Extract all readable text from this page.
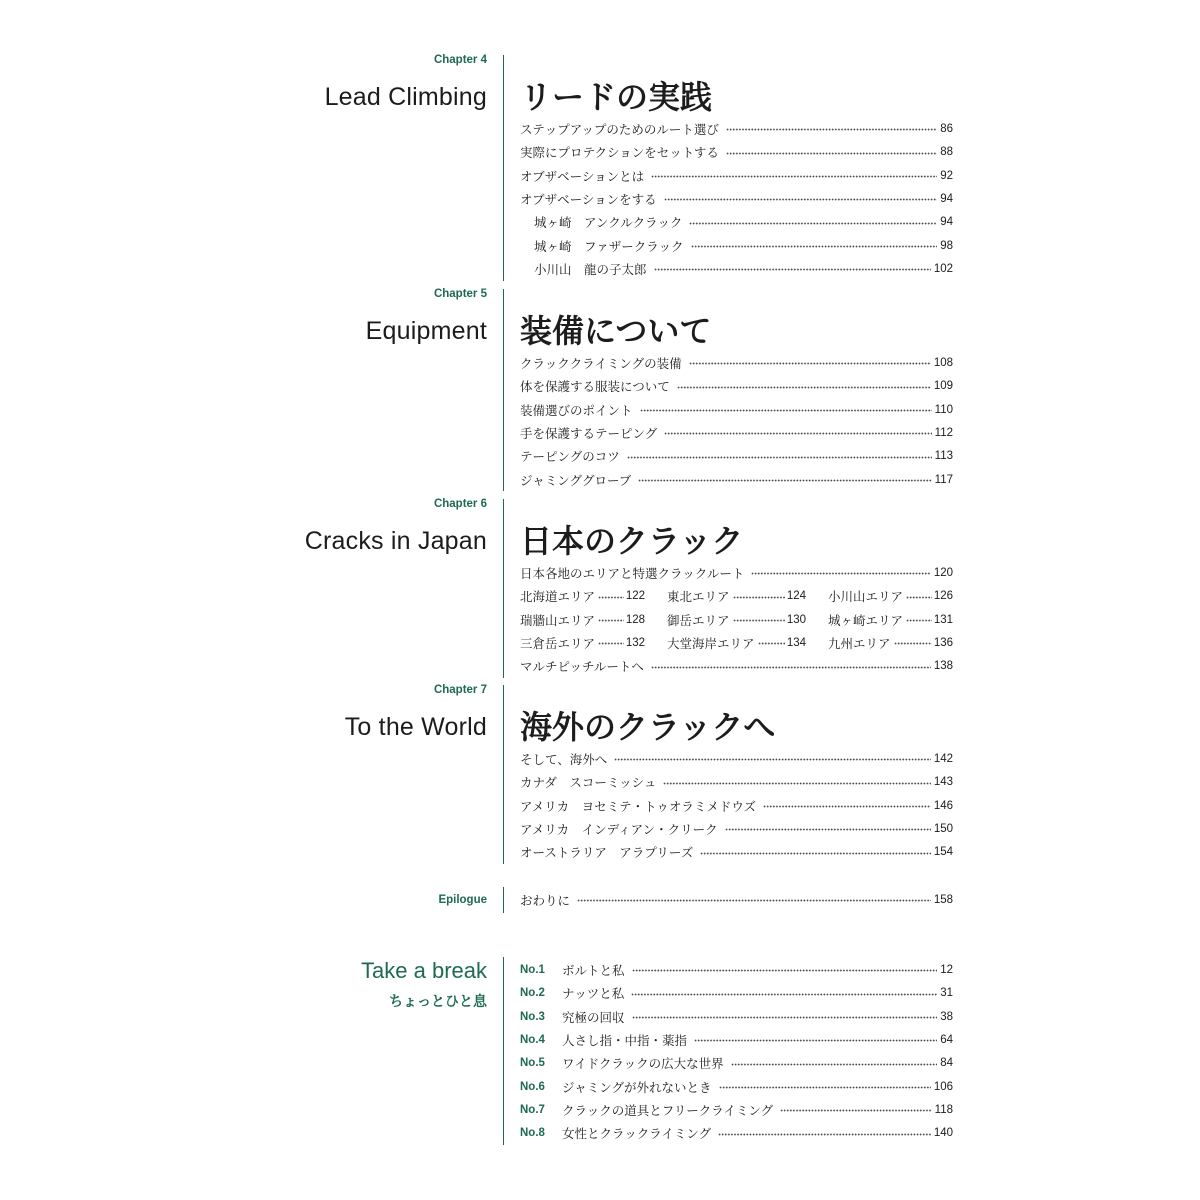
Chapter 4
Lead Climbing リードの実践
ステップアップのためのルート選び	86
実際にプロテクションをセットする	88
オブザベーションとは	92
オブザベーションをする	94
城ヶ崎　アンクルクラック	94
城ヶ崎　ファザークラック	98
小川山　龍の子太郎	102
Chapter 5
Equipment 装備について
クラッククライミングの装備	108
体を保護する服装について	109
装備選びのポイント	110
手を保護するテーピング	112
テーピングのコツ	113
ジャミンググローブ	117
Chapter 6
Cracks in Japan 日本のクラック
日本各地のエリアと特選クラックルート	120
北海道エリア	122 東北エリア	124 小川山エリア	126
瑞牆山エリア	128 御岳エリア	130 城ヶ崎エリア	131
三倉岳エリア	132 大堂海岸エリア	134 九州エリア	136
マルチピッチルートへ	138
Chapter 7
To the World 海外のクラックへ
そして、海外へ	142
カナダ　スコーミッシュ	143
アメリカ　ヨセミテ・トゥオラミメドウズ	146
アメリカ　インディアン・クリーク	150
オーストラリア　アラプリーズ	154
Epilogue	おわりに	158
Take a break
ちょっとひと息
No.1	ボルトと私	12
No.2	ナッツと私	31
No.3	究極の回収	38
No.4	人さし指・中指・薬指	64
No.5	ワイドクラックの広大な世界	84
No.6	ジャミングが外れないとき	106
No.7	クラックの道具とフリークライミング	118
No.8	女性とクラックライミング	140
